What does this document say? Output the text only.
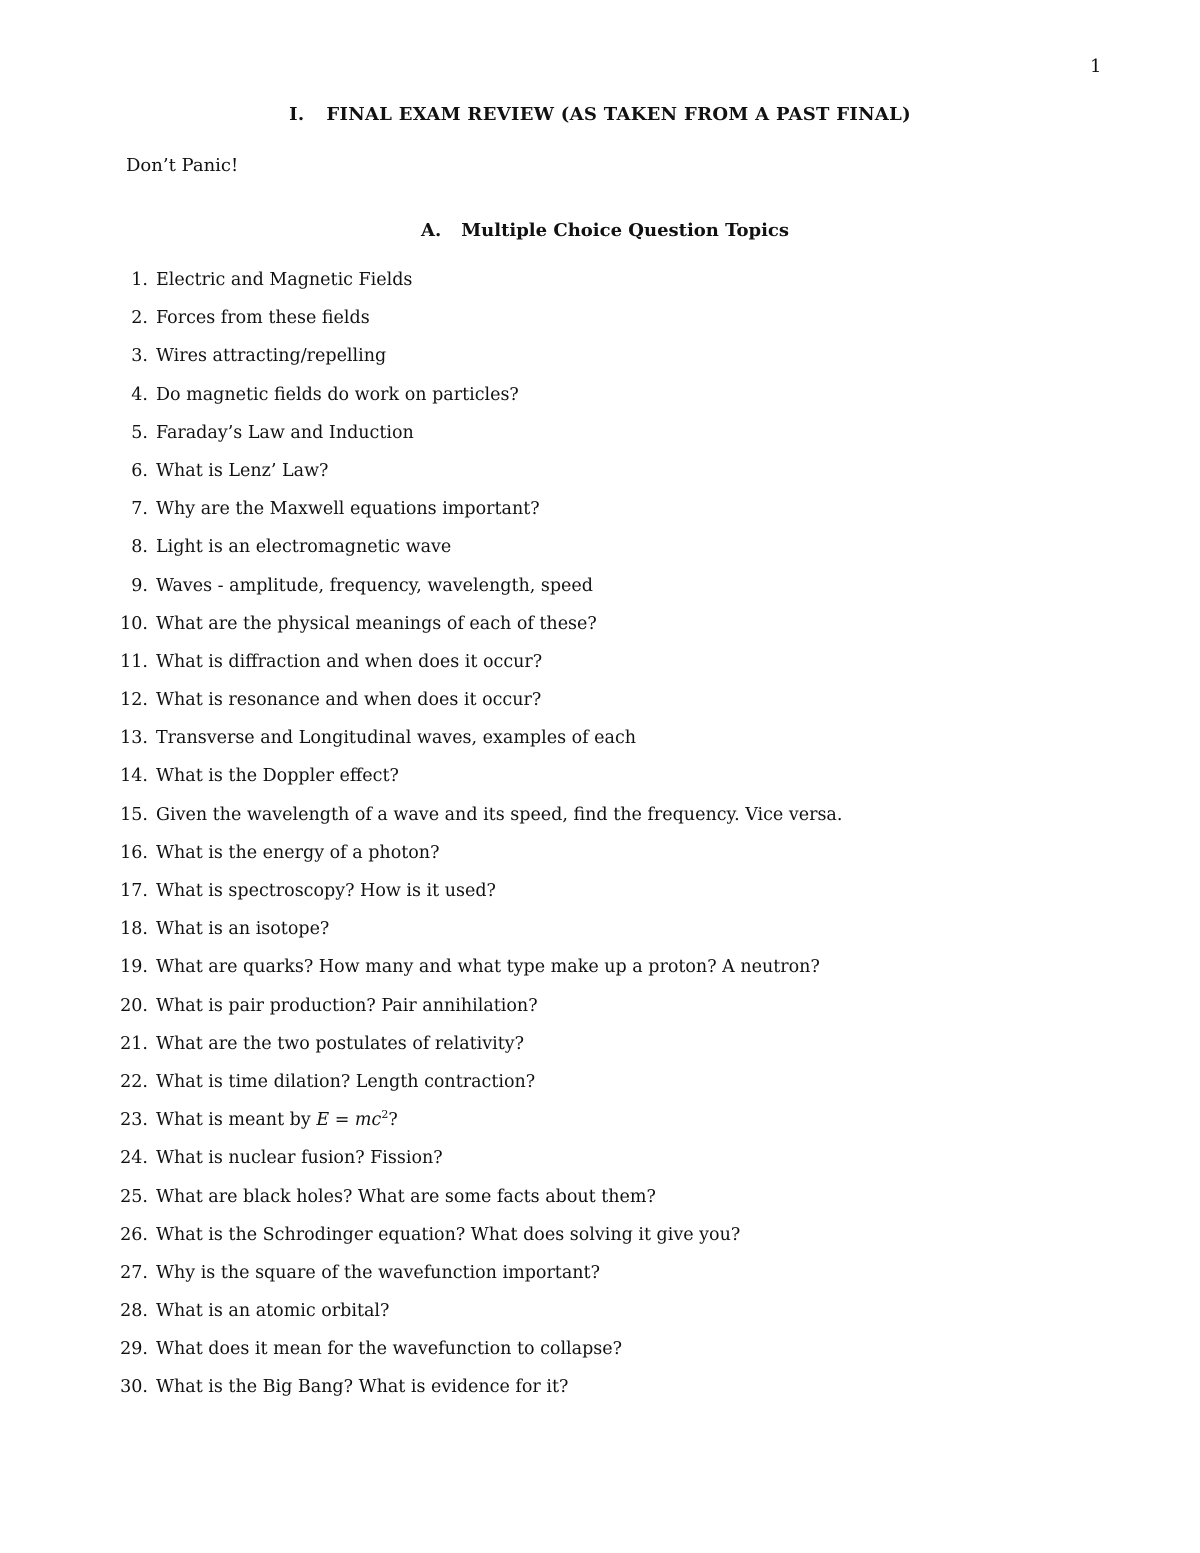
1
I. FINAL EXAM REVIEW (AS TAKEN FROM A PAST FINAL)
Don’t Panic!
A. Multiple Choice Question Topics
1. Electric and Magnetic Fields
2. Forces from these fields
3. Wires attracting/repelling
4. Do magnetic fields do work on particles?
5. Faraday’s Law and Induction
6. What is Lenz’ Law?
7. Why are the Maxwell equations important?
8. Light is an electromagnetic wave
9. Waves - amplitude, frequency, wavelength, speed
10. What are the physical meanings of each of these?
11. What is diffraction and when does it occur?
12. What is resonance and when does it occur?
13. Transverse and Longitudinal waves, examples of each
14. What is the Doppler effect?
15. Given the wavelength of a wave and its speed, find the frequency. Vice versa.
16. What is the energy of a photon?
17. What is spectroscopy? How is it used?
18. What is an isotope?
19. What are quarks? How many and what type make up a proton? A neutron?
20. What is pair production? Pair annihilation?
21. What are the two postulates of relativity?
22. What is time dilation? Length contraction?
23. What is meant by $E = mc^2$?
24. What is nuclear fusion? Fission?
25. What are black holes? What are some facts about them?
26. What is the Schrodinger equation? What does solving it give you?
27. Why is the square of the wavefunction important?
28. What is an atomic orbital?
29. What does it mean for the wavefunction to collapse?
30. What is the Big Bang? What is evidence for it?
